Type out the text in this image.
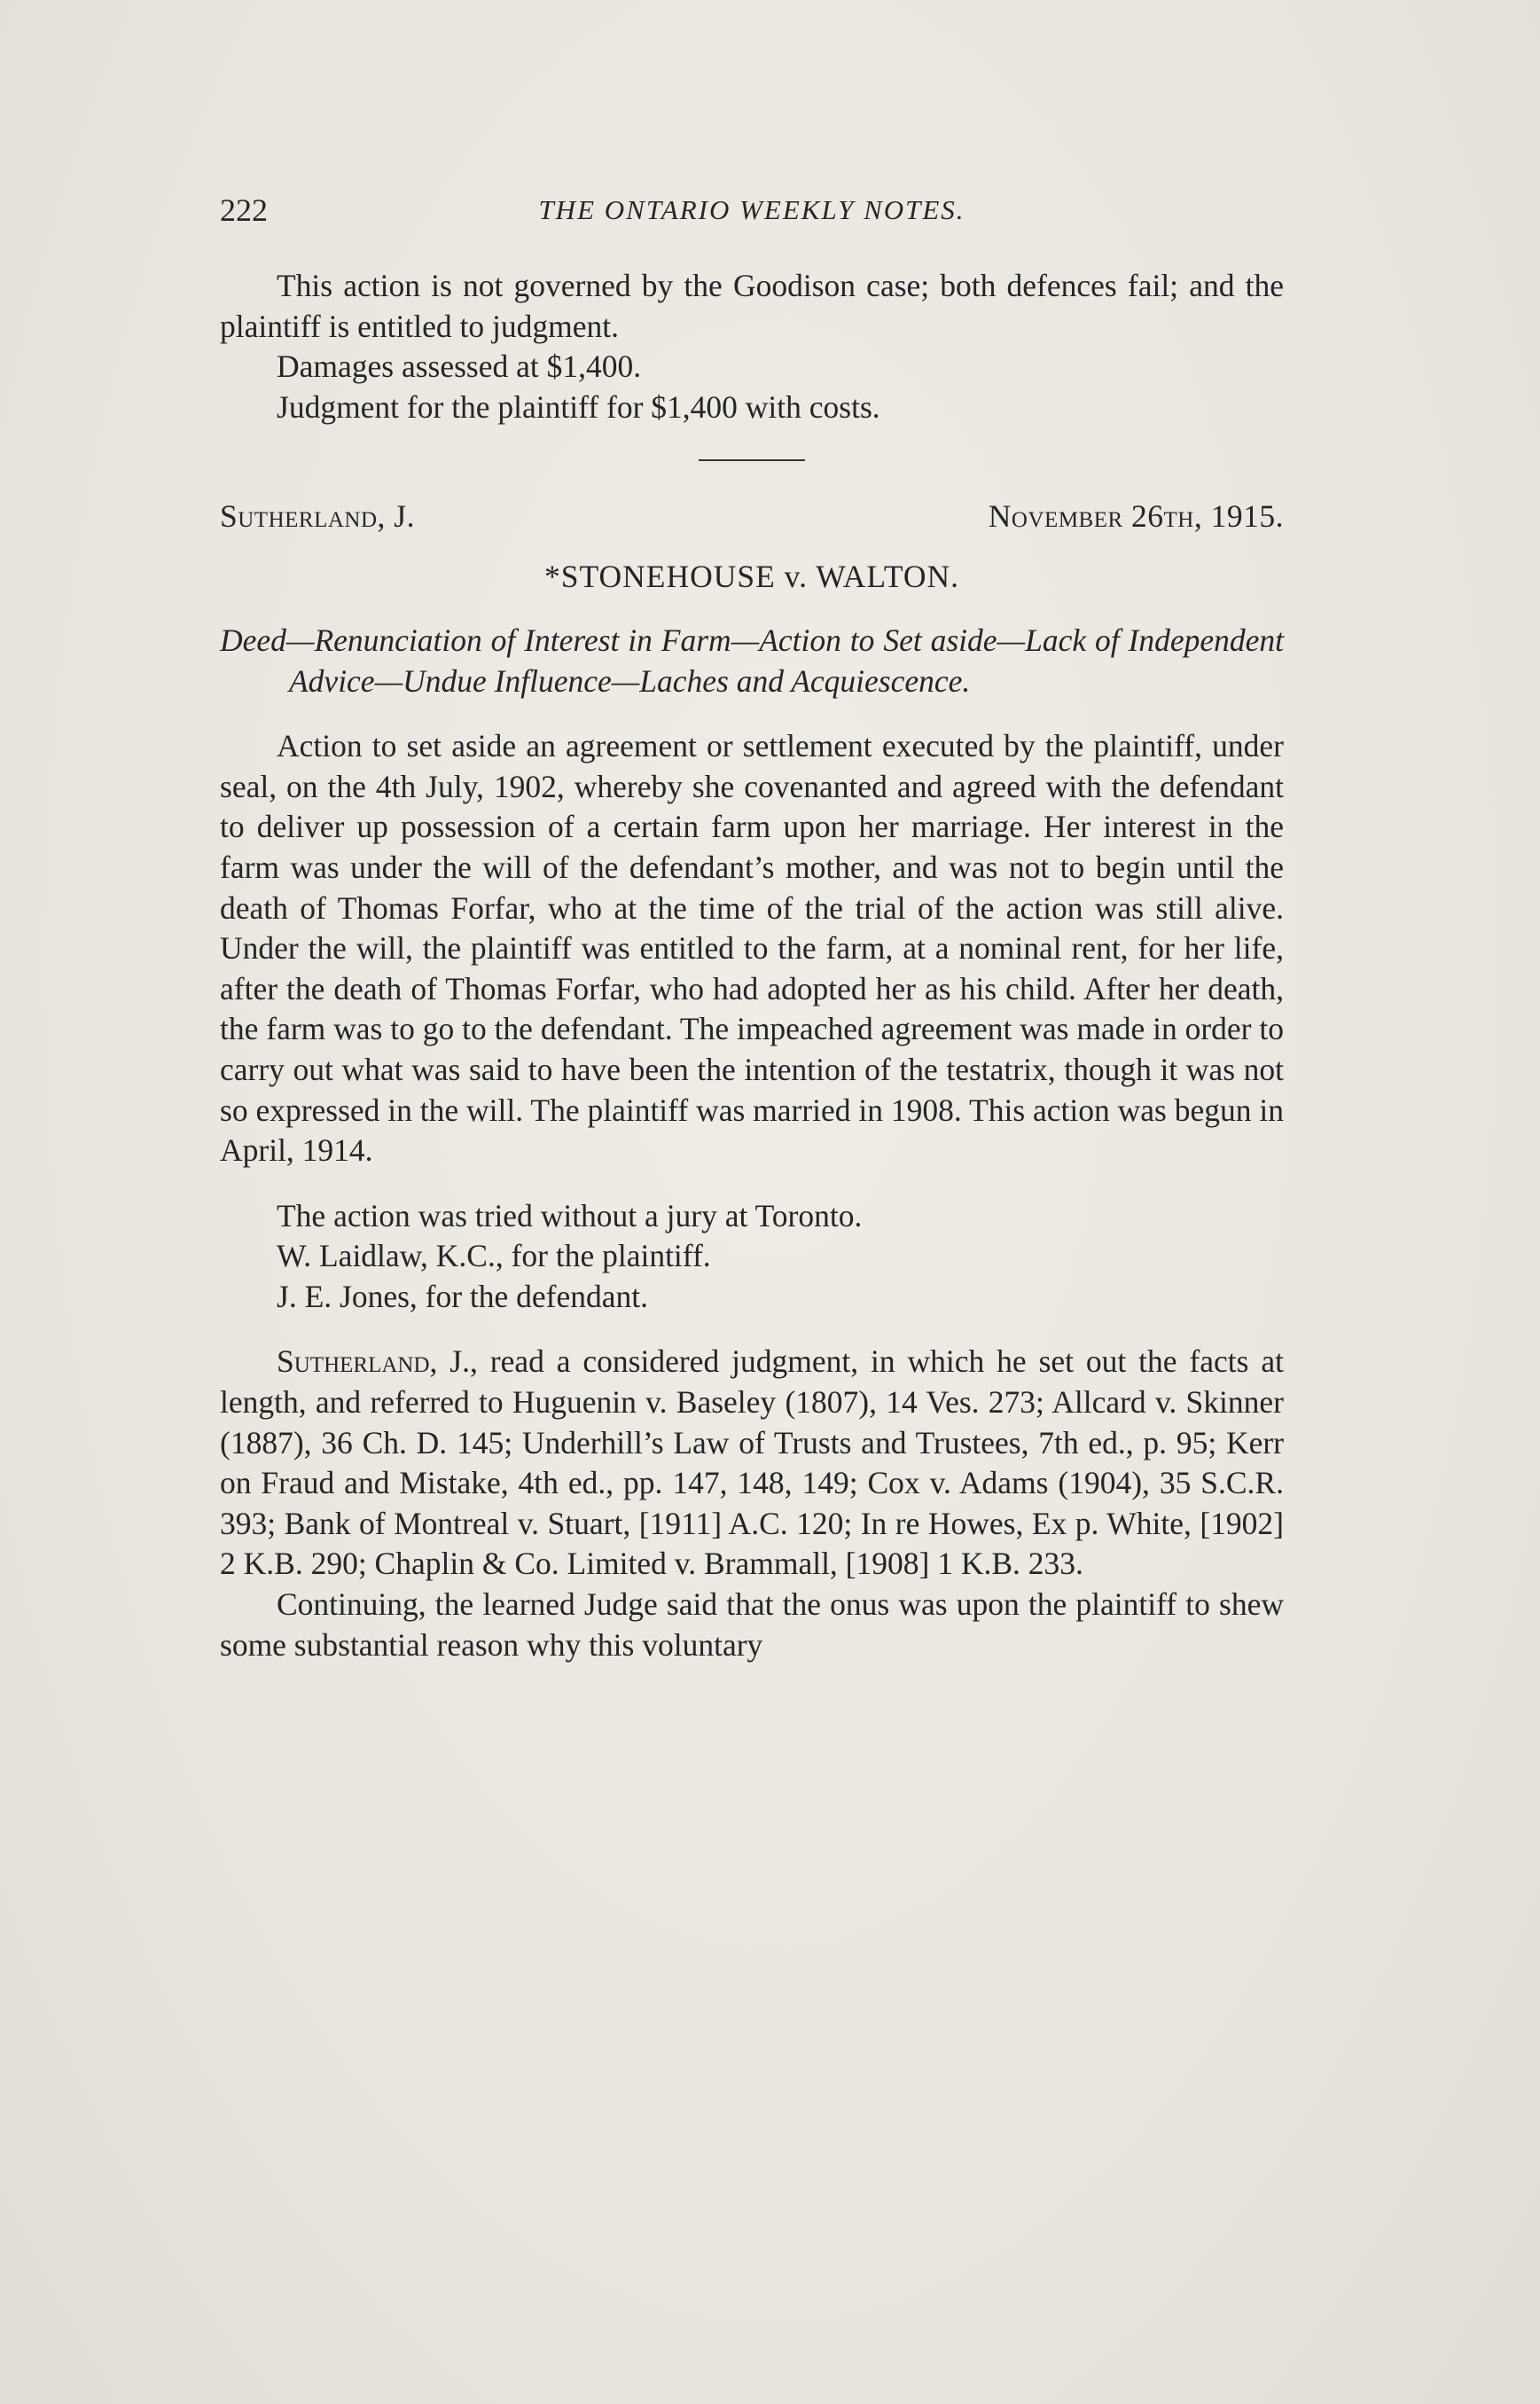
222	THE ONTARIO WEEKLY NOTES.

This action is not governed by the Goodison case; both defences fail; and the plaintiff is entitled to judgment.

Damages assessed at $1,400.

Judgment for the plaintiff for $1,400 with costs.

Sutherland, J.	November 26th, 1915.

*STONEHOUSE v. WALTON.

Deed—Renunciation of Interest in Farm—Action to Set aside—Lack of Independent Advice—Undue Influence—Laches and Acquiescence.

Action to set aside an agreement or settlement executed by the plaintiff, under seal, on the 4th July, 1902, whereby she covenanted and agreed with the defendant to deliver up possession of a certain farm upon her marriage. Her interest in the farm was under the will of the defendant’s mother, and was not to begin until the death of Thomas Forfar, who at the time of the trial of the action was still alive. Under the will, the plaintiff was entitled to the farm, at a nominal rent, for her life, after the death of Thomas Forfar, who had adopted her as his child. After her death, the farm was to go to the defendant. The impeached agreement was made in order to carry out what was said to have been the intention of the testatrix, though it was not so expressed in the will. The plaintiff was married in 1908. This action was begun in April, 1914.

The action was tried without a jury at Toronto.

W. Laidlaw, K.C., for the plaintiff.

J. E. Jones, for the defendant.

Sutherland, J., read a considered judgment, in which he set out the facts at length, and referred to Huguenin v. Baseley (1807), 14 Ves. 273; Allcard v. Skinner (1887), 36 Ch. D. 145; Underhill’s Law of Trusts and Trustees, 7th ed., p. 95; Kerr on Fraud and Mistake, 4th ed., pp. 147, 148, 149; Cox v. Adams (1904), 35 S.C.R. 393; Bank of Montreal v. Stuart, [1911] A.C. 120; In re Howes, Ex p. White, [1902] 2 K.B. 290; Chaplin & Co. Limited v. Brammall, [1908] 1 K.B. 233.

Continuing, the learned Judge said that the onus was upon the plaintiff to shew some substantial reason why this voluntary
